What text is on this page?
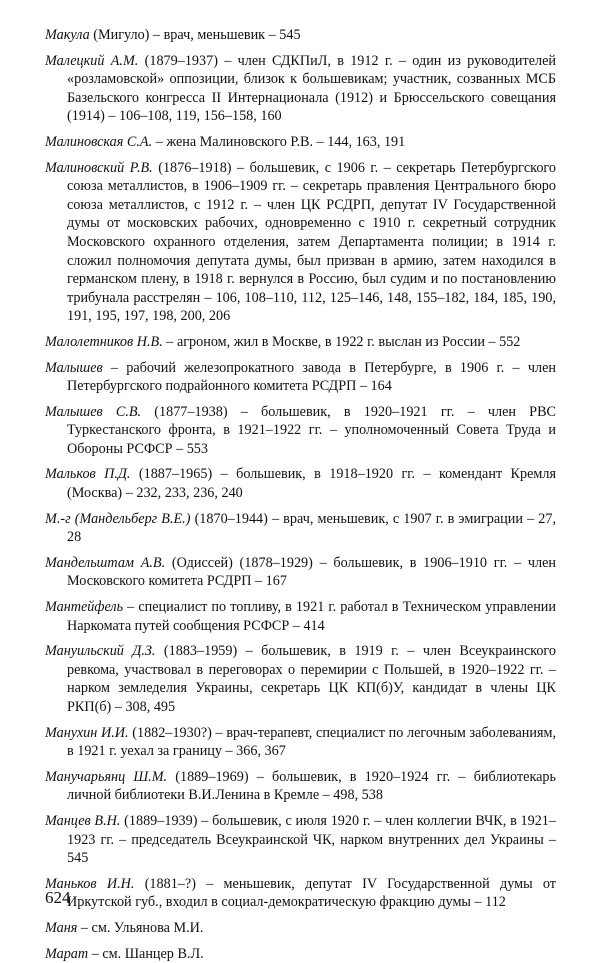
Макула (Мигуло) – врач, меньшевик – 545

Малецкий А.М. (1879–1937) – член СДКПиЛ, в 1912 г. – один из руководителей «розламовской» оппозиции, близок к большевикам; участник, созванных МСБ Базельского конгресса II Интернационала (1912) и Брюссельского совещания (1914) – 106–108, 119, 156–158, 160

Малиновская С.А. – жена Малиновского Р.В. – 144, 163, 191

Малиновский Р.В. (1876–1918) – большевик, с 1906 г. – секретарь Петербургского союза металлистов, в 1906–1909 гг. – секретарь правления Центрального бюро союза металлистов, с 1912 г. – член ЦК РСДРП, депутат IV Государственной думы от московских рабочих, одновременно с 1910 г. секретный сотрудник Московского охранного отделения, затем Департамента полиции; в 1914 г. сложил полномочия депутата думы, был призван в армию, затем находился в германском плену, в 1918 г. вернулся в Россию, был судим и по постановлению трибунала расстрелян – 106, 108–110, 112, 125–146, 148, 155–182, 184, 185, 190, 191, 195, 197, 198, 200, 206

Малолетников Н.В. – агроном, жил в Москве, в 1922 г. выслан из России – 552

Малышев – рабочий железопрокатного завода в Петербурге, в 1906 г. – член Петербургского подрайонного комитета РСДРП – 164

Малышев С.В. (1877–1938) – большевик, в 1920–1921 гг. – член РВС Туркестанского фронта, в 1921–1922 гг. – уполномоченный Совета Труда и Обороны РСФСР – 553

Мальков П.Д. (1887–1965) – большевик, в 1918–1920 гг. – комендант Кремля (Москва) – 232, 233, 236, 240

М.-г (Мандельберг В.Е.) (1870–1944) – врач, меньшевик, с 1907 г. в эмиграции – 27, 28

Мандельштам А.В. (Одиссей) (1878–1929) – большевик, в 1906–1910 гг. – член Московского комитета РСДРП – 167

Мантейфель – специалист по топливу, в 1921 г. работал в Техническом управлении Наркомата путей сообщения РСФСР – 414

Мануильский Д.З. (1883–1959) – большевик, в 1919 г. – член Всеукраинского ревкома, участвовал в переговорах о перемирии с Польшей, в 1920–1922 гг. – нарком земледелия Украины, секретарь ЦК КП(б)У, кандидат в члены ЦК РКП(б) – 308, 495

Манухин И.И. (1882–1930?) – врач-терапевт, специалист по легочным заболеваниям, в 1921 г. уехал за границу – 366, 367

Манучарьянц Ш.М. (1889–1969) – большевик, в 1920–1924 гг. – библиотекарь личной библиотеки В.И.Ленина в Кремле – 498, 538

Манцев В.Н. (1889–1939) – большевик, с июля 1920 г. – член коллегии ВЧК, в 1921–1923 гг. – председатель Всеукраинской ЧК, нарком внутренних дел Украины – 545

Маньков И.Н. (1881–?) – меньшевик, депутат IV Государственной думы от Иркутской губ., входил в социал-демократическую фракцию думы – 112

Маня – см. Ульянова М.И.

Марат – см. Шанцер В.Л.

624
